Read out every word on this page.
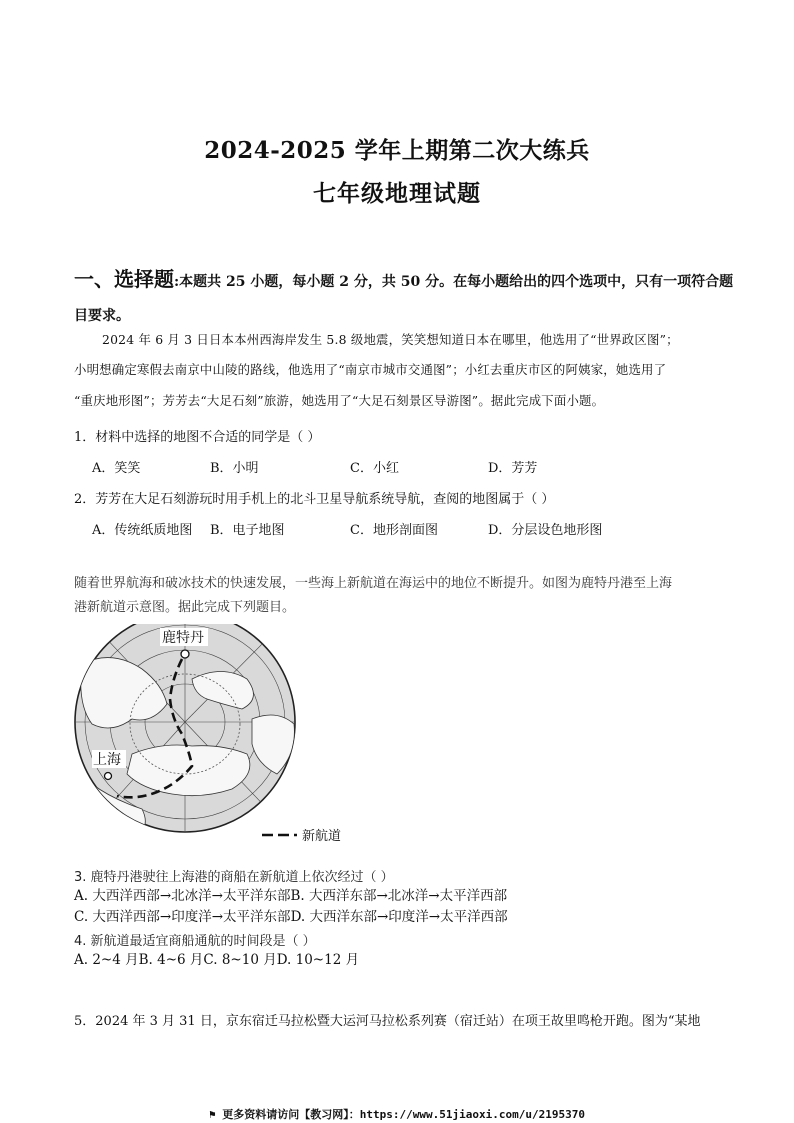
2024-2025 学年上期第二次大练兵
七年级地理试题
一、选择题:本题共 25 小题，每小题 2 分，共 50 分。在每小题给出的四个选项中，只有一项符合题目要求。
2024 年 6 月 3 日日本本州西海岸发生 5.8 级地震，笑笑想知道日本在哪里，他选用了“世界政区图”；
小明想确定寒假去南京中山陵的路线，他选用了“南京市城市交通图”；小红去重庆市区的阿姨家，她选用了
“重庆地形图”；芳芳去“大足石刻”旅游，她选用了“大足石刻景区导游图”。据此完成下面小题。
1．材料中选择的地图不合适的同学是（ ）
A．笑笑	B．小明	C．小红	D．芳芳
2．芳芳在大足石刻游玩时用手机上的北斗卫星导航系统导航，查阅的地图属于（ ）
A．传统纸质地图	B．电子地图	C．地形剖面图	D．分层设色地形图
随着世界航海和破冰技术的快速发展，一些海上新航道在海运中的地位不断提升。如图为鹿特丹港至上海
港新航道示意图。据此完成下列题目。
鹿特丹
上海
新航道
3. 鹿特丹港驶往上海港的商船在新航道上依次经过（ ）
A. 大西洋西部→北冰洋→太平洋东部B. 大西洋东部→北冰洋→太平洋西部
C. 大西洋西部→印度洋→太平洋东部D. 大西洋东部→印度洋→太平洋西部
4. 新航道最适宜商船通航的时间段是（ ）
A. 2~4 月B. 4~6 月C. 8~10 月D. 10~12 月
5．2024 年 3 月 31 日，京东宿迁马拉松暨大运河马拉松系列赛（宿迁站）在项王故里鸣枪开跑。图为“某地
⚑ 更多资料请访问【教习网】：https://www.51jiaoxi.com/u/2195370
